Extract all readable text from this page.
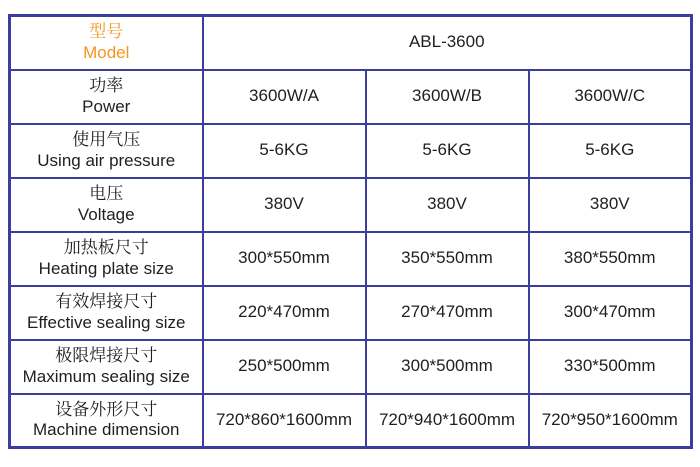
型号
Model	ABL-3600		

功率
Power	3600W/A	3600W/B	3600W/C

使用气压
Using air pressure	5-6KG	5-6KG	5-6KG

电压
Voltage	380V	380V	380V

加热板尺寸
Heating plate size	300*550mm	350*550mm	380*550mm

有效焊接尺寸
Effective sealing size	220*470mm	270*470mm	300*470mm

极限焊接尺寸
Maximum sealing size	250*500mm	300*500mm	330*500mm

设备外形尺寸
Machine dimension	720*860*1600mm	720*940*1600mm	720*950*1600mm
